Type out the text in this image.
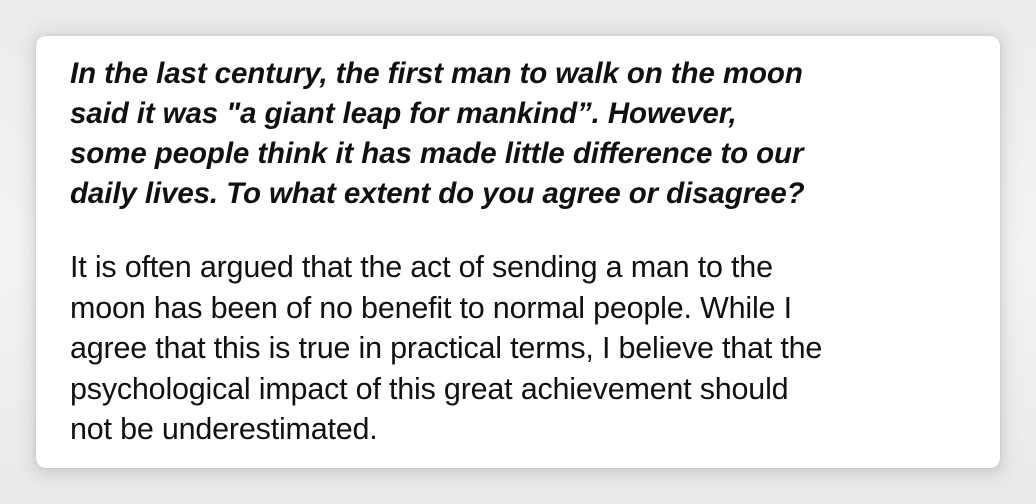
In the last century, the first man to walk on the moon
said it was "a giant leap for mankind”. However,
some people think it has made little difference to our
daily lives. To what extent do you agree or disagree?

It is often argued that the act of sending a man to the
moon has been of no benefit to normal people. While I
agree that this is true in practical terms, I believe that the
psychological impact of this great achievement should
not be underestimated.
